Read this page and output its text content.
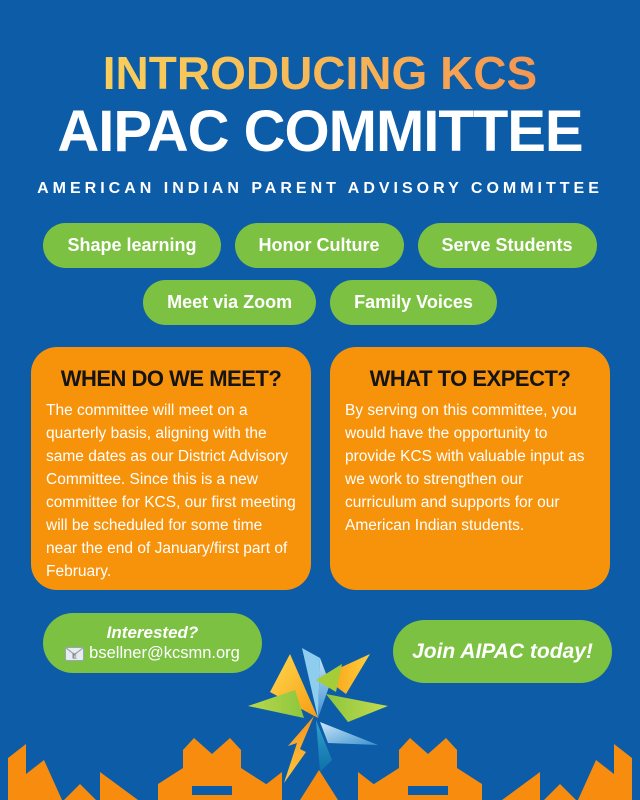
INTRODUCING KCS
AIPAC COMMITTEE
AMERICAN INDIAN PARENT ADVISORY COMMITTEE
Shape learning	Honor Culture	Serve Students
Meet via Zoom	Family Voices
WHEN DO WE MEET?

The committee will meet on a quarterly basis, aligning with the same dates as our District Advisory Committee. Since this is a new committee for KCS, our first meeting will be scheduled for some time near the end of January/first part of February.

WHAT TO EXPECT?

By serving on this committee, you would have the opportunity to provide KCS with valuable input as we work to strengthen our curriculum and supports for our American Indian students.

Interested?
E bsellner@kcsmn.org	Join AIPAC today!
